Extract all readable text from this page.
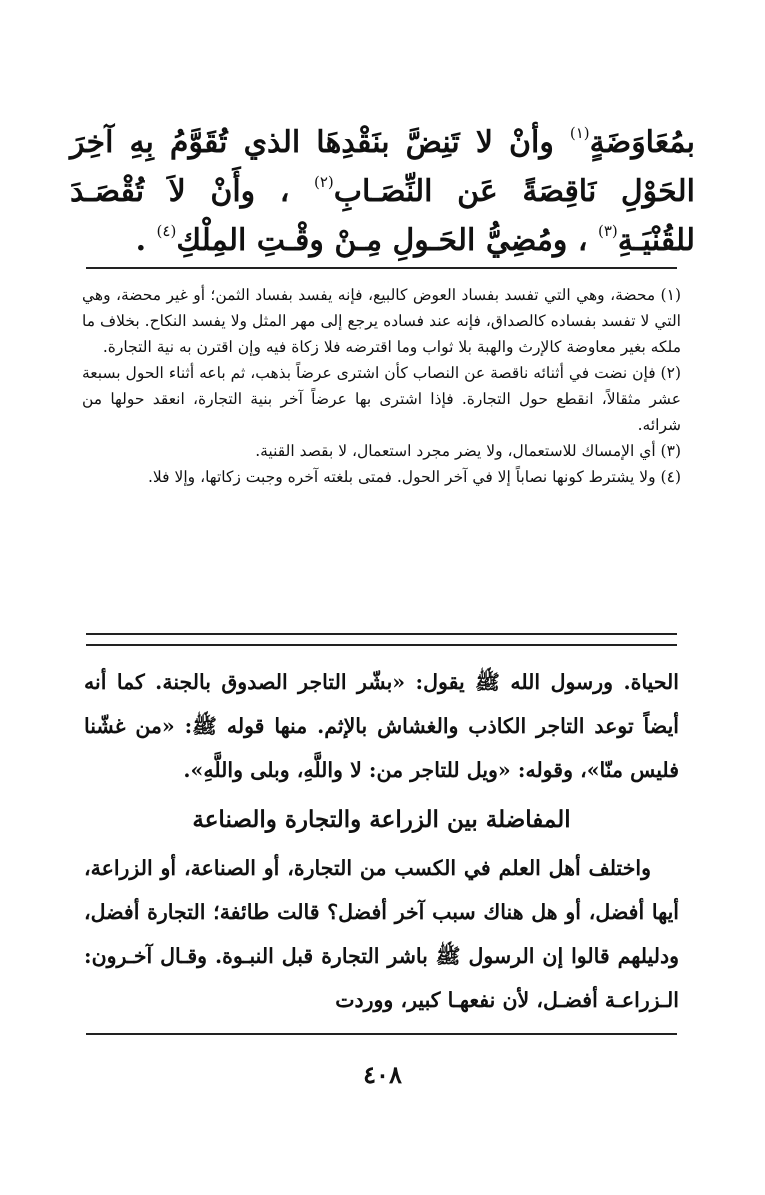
بمُعَاوَضَةٍ$^{(١)}$ وأنْ لا تَنِضَّ بنَقْدِهَا الذي تُقَوَّمُ بِهِ آخِرَ الحَوْلِ نَاقِصَةً عَن النِّصَـابِ$^{(٢)}$ ، وأَنْ لاَ تُقْصَـدَ للقُنْيَـةِ$^{(٣)}$ ، ومُضِيُّ الحَـولِ مِـنْ وقْـتِ المِلْكِ$^{(٤)}$ .

(١) محضة، وهي التي تفسد بفساد العوض كالبيع، فإنه يفسد بفساد الثمن؛ أو غير محضة، وهي التي لا تفسد بفساده كالصداق، فإنه عند فساده يرجع إلى مهر المثل ولا يفسد النكاح. بخلاف ما ملكه بغير معاوضة كالإرث والهبة بلا ثواب وما اقترضه فلا زكاة فيه وإن اقترن به نية التجارة.

(٢) فإن نضت في أثنائه ناقصة عن النصاب كأن اشترى عرضاً بذهب، ثم باعه أثناء الحول بسبعة عشر مثقالاً، انقطع حول التجارة. فإذا اشترى بها عرضاً آخر بنية التجارة، انعقد حولها من شرائه.

(٣) أي الإمساك للاستعمال، ولا يضر مجرد استعمال، لا بقصد القنية.

(٤) ولا يشترط كونها نصاباً إلا في آخر الحول. فمتى بلغته آخره وجبت زكاتها، وإلا فلا.

الحياة. ورسول الله ﷺ يقول: «بشّر التاجر الصدوق بالجنة. كما أنه أيضاً توعد التاجر الكاذب والغشاش بالإثم. منها قوله ﷺ: «من غشّنا فليس منّا»، وقوله: «ويل للتاجر من: لا واللَّهِ، وبلى واللَّهِ».

المفاضلة بين الزراعة والتجارة والصناعة

واختلف أهل العلم في الكسب من التجارة، أو الصناعة، أو الزراعة، أيها أفضل، أو هل هناك سبب آخر أفضل؟ قالت طائفة؛ التجارة أفضل، ودليلهم قالوا إن الرسول ﷺ باشر التجارة قبل النبـوة. وقـال آخـرون: الـزراعـة أفضـل، لأن نفعهـا كبير، ووردت

٤٠٨
